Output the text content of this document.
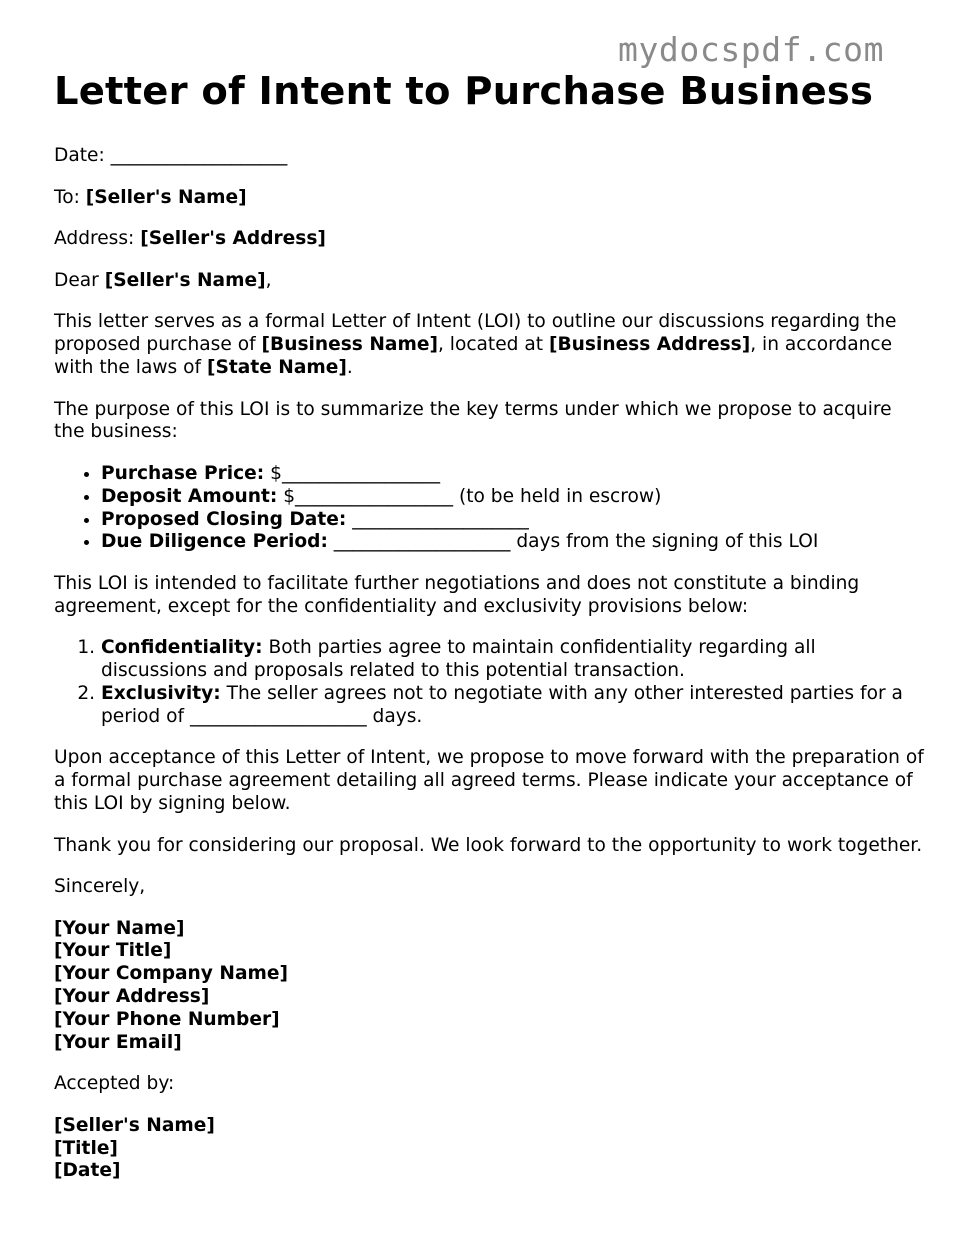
mydocspdf.com
Letter of Intent to Purchase Business

Date: ___________________

To: [Seller's Name]

Address: [Seller's Address]

Dear [Seller's Name],

This letter serves as a formal Letter of Intent (LOI) to outline our discussions regarding the proposed purchase of [Business Name], located at [Business Address], in accordance with the laws of [State Name].

The purpose of this LOI is to summarize the key terms under which we propose to acquire the business:

• Purchase Price: $_________________
• Deposit Amount: $_________________ (to be held in escrow)
• Proposed Closing Date: ___________________
• Due Diligence Period: ___________________ days from the signing of this LOI

This LOI is intended to facilitate further negotiations and does not constitute a binding agreement, except for the confidentiality and exclusivity provisions below:

1. Confidentiality: Both parties agree to maintain confidentiality regarding all discussions and proposals related to this potential transaction.
2. Exclusivity: The seller agrees not to negotiate with any other interested parties for a period of ___________________ days.

Upon acceptance of this Letter of Intent, we propose to move forward with the preparation of a formal purchase agreement detailing all agreed terms. Please indicate your acceptance of this LOI by signing below.

Thank you for considering our proposal. We look forward to the opportunity to work together.

Sincerely,

[Your Name]
[Your Title]
[Your Company Name]
[Your Address]
[Your Phone Number]
[Your Email]

Accepted by:

[Seller's Name]
[Title]
[Date]
